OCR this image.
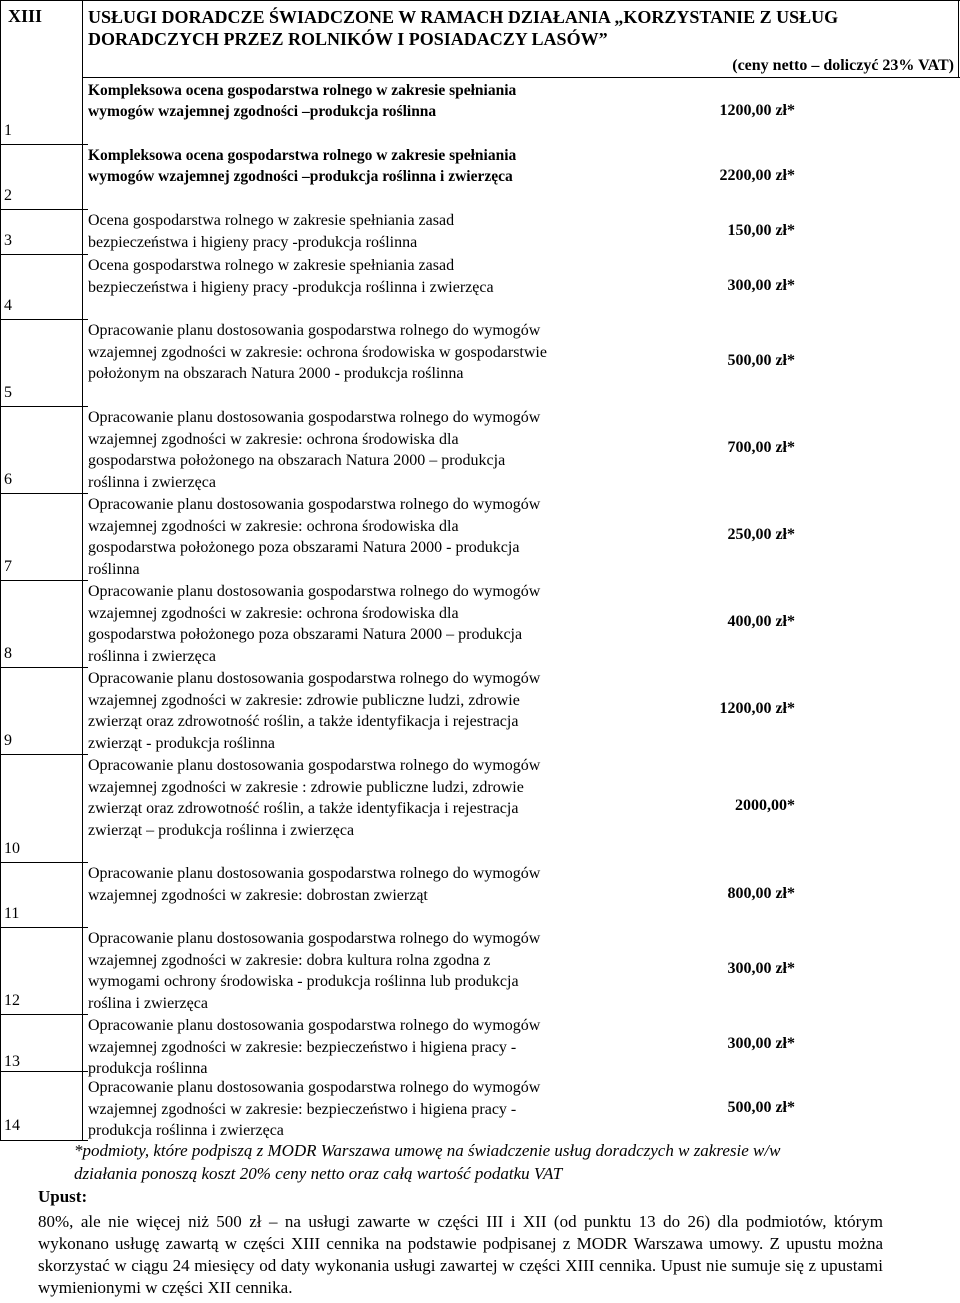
XIII	USŁUGI DORADCZE ŚWIADCZONE W RAMACH DZIAŁANIA „KORZYSTANIE Z USŁUG DORADCZYCH PRZEZ ROLNIKÓW I POSIADACZY LASÓW”
(ceny netto – doliczyć 23% VAT)
1
Kompleksowa ocena gospodarstwa rolnego w zakresie spełniania wymogów wzajemnej zgodności –produkcja roślinna	1200,00 zł*
2
Kompleksowa ocena gospodarstwa rolnego w zakresie spełniania wymogów wzajemnej zgodności –produkcja roślinna i zwierzęca	2200,00 zł*
3
Ocena gospodarstwa rolnego w zakresie spełniania zasad bezpieczeństwa i higieny pracy -produkcja roślinna
150,00 zł*
4
Ocena gospodarstwa rolnego w zakresie spełniania zasad bezpieczeństwa i higieny pracy -produkcja roślinna i zwierzęca	300,00 zł*
5
Opracowanie planu dostosowania gospodarstwa rolnego do wymogów wzajemnej zgodności w zakresie: ochrona środowiska w gospodarstwie położonym na obszarach Natura 2000 - produkcja roślinna
500,00 zł*
6
Opracowanie planu dostosowania gospodarstwa rolnego do wymogów wzajemnej zgodności w zakresie: ochrona środowiska dla gospodarstwa położonego na obszarach Natura 2000 – produkcja roślinna i zwierzęca
700,00 zł*
7
Opracowanie planu dostosowania gospodarstwa rolnego do wymogów wzajemnej zgodności w zakresie: ochrona środowiska dla gospodarstwa położonego poza obszarami Natura 2000 - produkcja roślinna
250,00 zł*
8
Opracowanie planu dostosowania gospodarstwa rolnego do wymogów wzajemnej zgodności w zakresie: ochrona środowiska dla gospodarstwa położonego poza obszarami Natura 2000 – produkcja roślinna i zwierzęca
400,00 zł*
9
Opracowanie planu dostosowania gospodarstwa rolnego do wymogów wzajemnej zgodności w zakresie: zdrowie publiczne ludzi, zdrowie zwierząt oraz zdrowotność roślin, a także identyfikacja i rejestracja zwierząt - produkcja roślinna
1200,00 zł*
10
Opracowanie planu dostosowania gospodarstwa rolnego do wymogów wzajemnej zgodności w zakresie : zdrowie publiczne ludzi, zdrowie zwierząt oraz zdrowotność roślin, a także identyfikacja i rejestracja zwierząt – produkcja roślinna i zwierzęca
2000,00*
11
Opracowanie planu dostosowania gospodarstwa rolnego do wymogów wzajemnej zgodności w zakresie: dobrostan zwierząt	800,00 zł*
12
Opracowanie planu dostosowania gospodarstwa rolnego do wymogów wzajemnej zgodności w zakresie: dobra kultura rolna zgodna z wymogami ochrony środowiska - produkcja roślinna lub produkcja roślina i zwierzęca
300,00 zł*
13
Opracowanie planu dostosowania gospodarstwa rolnego do wymogów wzajemnej zgodności w zakresie: bezpieczeństwo i higiena pracy - produkcja roślinna
300,00 zł*
14
Opracowanie planu dostosowania gospodarstwa rolnego do wymogów wzajemnej zgodności w zakresie: bezpieczeństwo i higiena pracy - produkcja roślinna i zwierzęca
500,00 zł*
*podmioty, które podpiszą z MODR Warszawa umowę na świadczenie usług doradczych w zakresie w/w działania ponoszą koszt 20% ceny netto oraz całą wartość podatku VAT
Upust:
80%, ale nie więcej niż 500 zł – na usługi zawarte w części III i XII (od punktu 13 do 26) dla podmiotów, którym wykonano usługę zawartą w części XIII cennika na podstawie podpisanej z MODR Warszawa umowy. Z upustu można skorzystać w ciągu 24 miesięcy od daty wykonania usługi zawartej w części XIII cennika. Upust nie sumuje się z upustami wymienionymi w części XII cennika.
